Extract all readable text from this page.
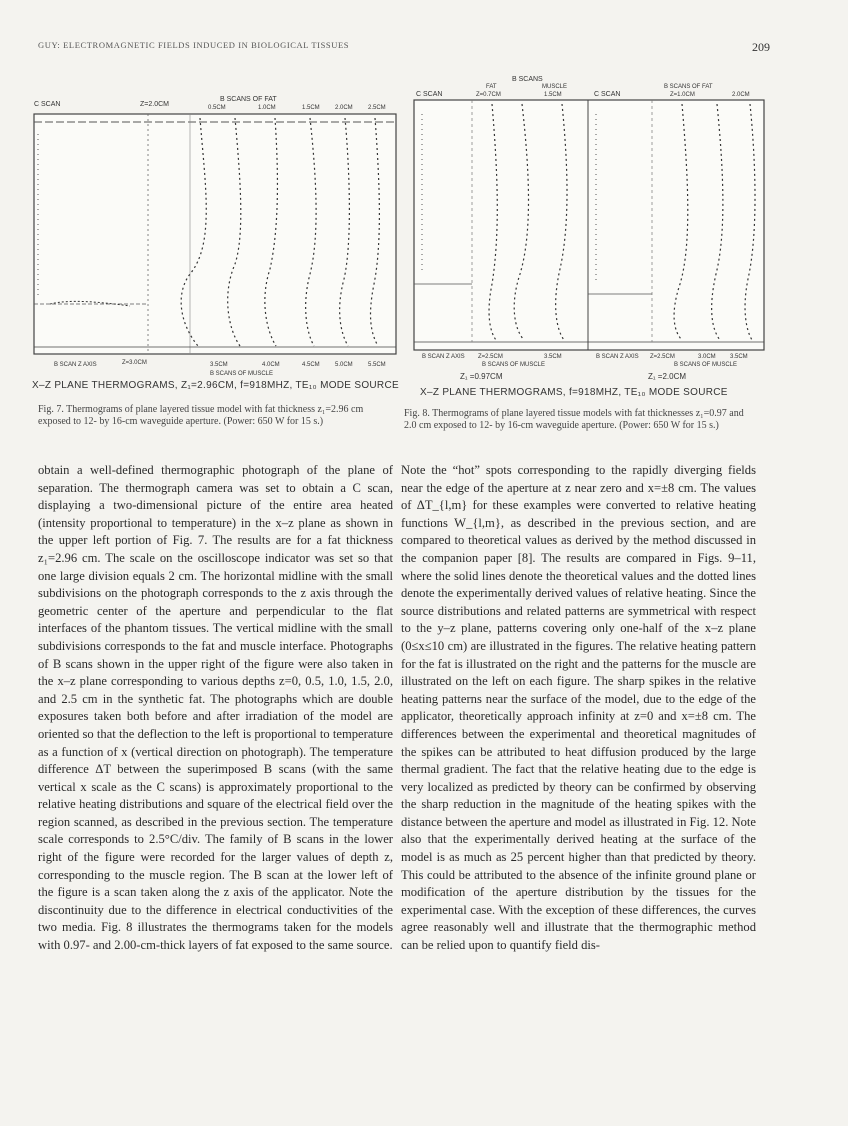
GUY: ELECTROMAGNETIC FIELDS INDUCED IN BIOLOGICAL TISSUES	209
C SCAN	Z=2.0CM
B SCANS OF FAT
0.5CM	1.0CM	1.5CM	2.0CM	2.5CM
B SCAN Z AXIS	Z=3.0CM	3.5CM	4.0CM	4.5CM	5.0CM	5.5CM
B SCANS OF MUSCLE
X–Z PLANE THERMOGRAMS, Z₁=2.96CM, f=918MHZ, TE₁₀ MODE SOURCE
Fig. 7. Thermograms of plane layered tissue model with fat thickness z₁=2.96 cm exposed to 12- by 16-cm waveguide aperture. (Power: 650 W for 15 s.)
B SCANS
C SCAN
FAT
Z=0.7CM
MUSCLE
1.5CM	C SCAN
B SCANS OF FAT
Z=1.0CM	2.0CM
B SCAN Z AXIS Z=2.5CM	3.5CM
B SCANS OF MUSCLE
B SCAN Z AXIS Z=2.5CM	3.0CM 3.5CM
B SCANS OF MUSCLE
Z₁ =0.97CM	Z₁ =2.0CM
X–Z PLANE THERMOGRAMS, f=918MHZ, TE₁₀ MODE SOURCE
Fig. 8. Thermograms of plane layered tissue models with fat thicknesses z₁=0.97 and 2.0 cm exposed to 12- by 16-cm waveguide aperture. (Power: 650 W for 15 s.)

obtain a well-defined thermographic photograph of the plane of separation. The thermograph camera was set to obtain a C scan, displaying a two-dimensional picture of the entire area heated (intensity proportional to temperature) in the x–z plane as shown in the upper left portion of Fig. 7. The results are for a fat thickness z₁=2.96 cm. The scale on the oscilloscope indicator was set so that one large division equals 2 cm. The horizontal midline with the small subdivisions on the photograph corresponds to the z axis through the geometric center of the aperture and perpendicular to the flat interfaces of the phantom tissues. The vertical midline with the small subdivisions corresponds to the fat and muscle interface. Photographs of B scans shown in the upper right of the figure were also taken in the x–z plane corresponding to various depths z=0, 0.5, 1.0, 1.5, 2.0, and 2.5 cm in the synthetic fat. The photographs which are double exposures taken both before and after irradiation of the model are oriented so that the deflection to the left is proportional to temperature as a function of x (vertical direction on photograph). The temperature difference ΔT between the superimposed B scans (with the same vertical x scale as the C scans) is approximately proportional to the relative heating distributions and square of the electrical field over the region scanned, as described in the previous section. The temperature scale corresponds to 2.5°C/div. The family of B scans in the lower right of the figure were recorded for the larger values of depth z, corresponding to the muscle region. The B scan at the lower left of the figure is a scan taken along the z axis of the applicator. Note the discontinuity due to the difference in electrical conductivities of the two media. Fig. 8 illustrates the thermograms taken for the models with 0.97- and 2.00-cm-thick layers of fat exposed to the same source.

Note the “hot” spots corresponding to the rapidly diverging fields near the edge of the aperture at z near zero and x=±8 cm. The values of ΔT_{l,m} for these examples were converted to relative heating functions W_{l,m}, as described in the previous section, and are compared to theoretical values as derived by the method discussed in the companion paper [8]. The results are compared in Figs. 9–11, where the solid lines denote the theoretical values and the dotted lines denote the experimentally derived values of relative heating. Since the source distributions and related patterns are symmetrical with respect to the y–z plane, patterns covering only one-half of the x–z plane (0≤x≤10 cm) are illustrated in the figures. The relative heating pattern for the fat is illustrated on the right and the patterns for the muscle are illustrated on the left on each figure. The sharp spikes in the relative heating patterns near the surface of the model, due to the edge of the applicator, theoretically approach infinity at z=0 and x=±8 cm. The differences between the experimental and theoretical magnitudes of the spikes can be attributed to heat diffusion produced by the large thermal gradient. The fact that the relative heating due to the edge is very localized as predicted by theory can be confirmed by observing the sharp reduction in the magnitude of the heating spikes with the distance between the aperture and model as illustrated in Fig. 12. Note also that the experimentally derived heating at the surface of the model is as much as 25 percent higher than that predicted by theory. This could be attributed to the absence of the infinite ground plane or modification of the aperture distribution by the tissues for the experimental case. With the exception of these differences, the curves agree reasonably well and illustrate that the thermographic method can be relied upon to quantify field dis-
